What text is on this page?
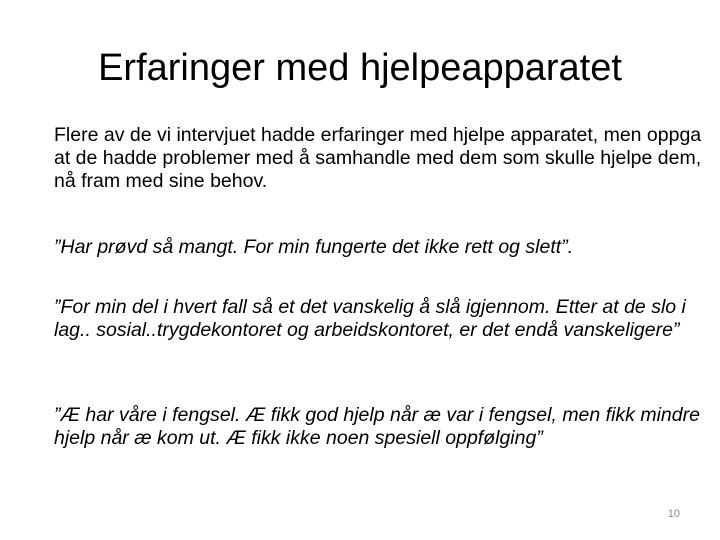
Erfaringer med hjelpeapparatet

Flere av de vi intervjuet hadde erfaringer med hjelpe apparatet, men oppga at de hadde problemer med å samhandle med dem som skulle hjelpe dem, nå fram med sine behov.

”Har prøvd så mangt. For min fungerte det ikke rett og slett”.

”For min del i hvert fall så et det vanskelig å slå igjennom. Etter at de slo i lag.. sosial..trygdekontoret og arbeidskontoret, er det endå vanskeligere”

”Æ har våre i fengsel. Æ fikk god hjelp når æ var i fengsel, men fikk mindre hjelp når æ kom ut. Æ fikk ikke noen spesiell oppfølging”

10
